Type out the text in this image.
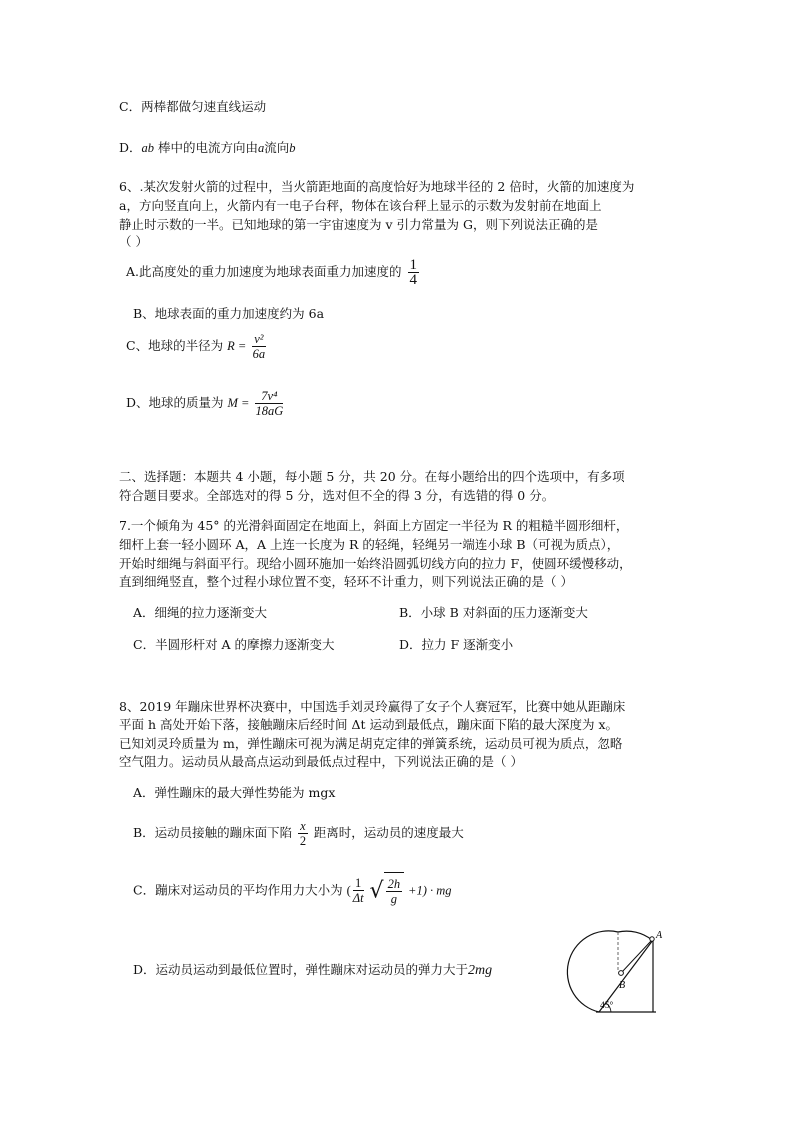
C．两棒都做匀速直线运动
D．ab 棒中的电流方向由a流向b
6、.某次发射火箭的过程中，当火箭距地面的高度恰好为地球半径的 2 倍时，火箭的加速度为
a，方向竖直向上，火箭内有一电子台秤，物体在该台秤上显示的示数为发射前在地面上
静止时示数的一半。已知地球的第一宇宙速度为 v 引力常量为 G，则下列说法正确的是
（ ）
A.此高度处的重力加速度为地球表面重力加速度的 $\frac{1}{4}$
B、地球表面的重力加速度约为 6a
C、地球的半径为 $R = \frac{\text{v²}}{6a}$
D、地球的质量为 $M = \frac{\text{7v⁴}}{18aG}$
二、选择题：本题共 4 小题，每小题 5 分，共 20 分。在每小题给出的四个选项中，有多项
符合题目要求。全部选对的得 5 分，选对但不全的得 3 分，有选错的得 0 分。
7.一个倾角为 45° 的光滑斜面固定在地面上，斜面上方固定一半径为 R 的粗糙半圆形细杆，
细杆上套一轻小圆环 A，A 上连一长度为 R 的轻绳，轻绳另一端连小球 B（可视为质点），
开始时细绳与斜面平行。现给小圆环施加一始终沿圆弧切线方向的拉力 F，使圆环缓慢移动，
直到细绳竖直，整个过程小球位置不变，轻环不计重力，则下列说法正确的是（ ）
A．细绳的拉力逐渐变大	B．小球 B 对斜面的压力逐渐变大
C．半圆形杆对 A 的摩擦力逐渐变大	D．拉力 F 逐渐变小
8、2019 年蹦床世界杯决赛中，中国选手刘灵玲赢得了女子个人赛冠军，比赛中她从距蹦床
平面 h 高处开始下落，接触蹦床后经时间 Δt 运动到最低点，蹦床面下陷的最大深度为 x。
已知刘灵玲质量为 m，弹性蹦床可视为满足胡克定律的弹簧系统，运动员可视为质点，忽略
空气阻力。运动员从最高点运动到最低点过程中，下列说法正确的是（ ）
A．弹性蹦床的最大弹性势能为 mgx
B．运动员接触的蹦床面下陷 $\frac{x}{2}$ 距离时，运动员的速度最大
C．蹦床对运动员的平均作用力大小为 ( $\frac{1}{\Delta t}$ √ $\frac{2h}{g} +1$) · mg
D．运动员运动到最低位置时，弹性蹦床对运动员的弹力大于2mg
A
B
45°
